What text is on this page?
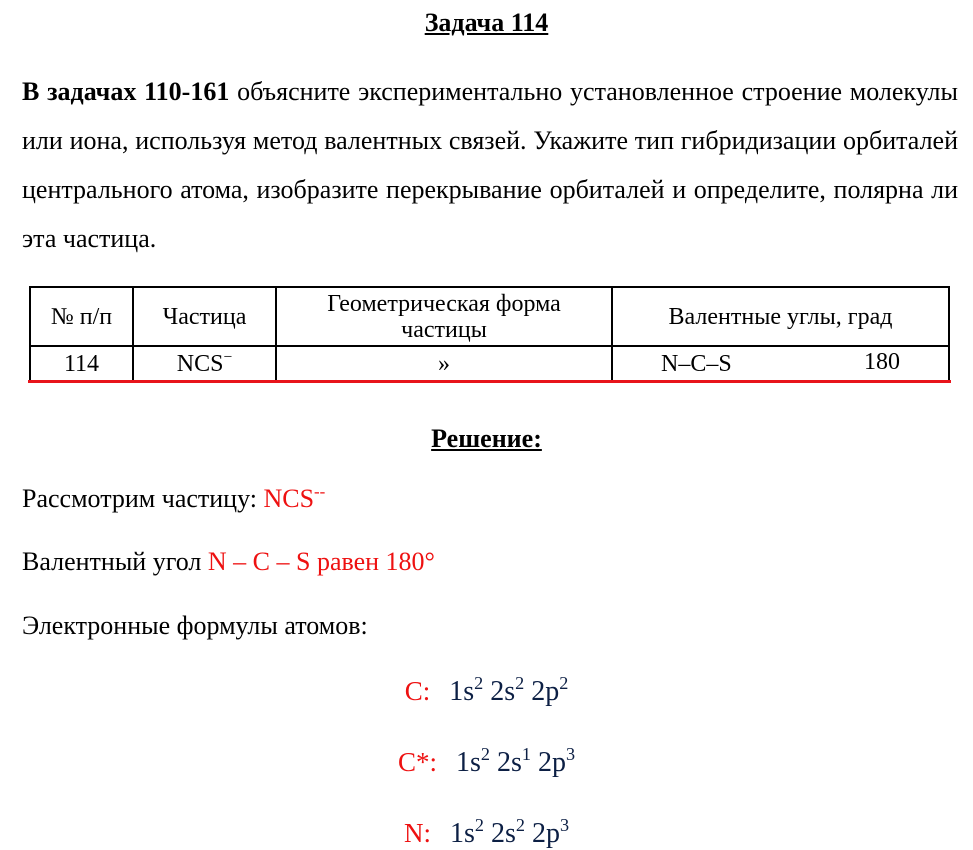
Задача 114
В задачах 110-161 объясните экспериментально установленное строение молекулы или иона, используя метод валентных связей. Укажите тип гибридизации орбиталей центрального атома, изобразите перекрывание орбиталей и определите, полярна ли эта частица.
№ п/п	Частица	Геометрическая форма частицы	Валентные углы, град
114	NCS−	»	N–C–S 180
Решение:
Рассмотрим частицу: NCS--
Валентный угол N – C – S равен 180°
Электронные формулы атомов:
C: $1s^2$ $2s^2$ $2p^2$
C*: $1s^2$ $2s^1$ $2p^3$
N: $1s^2$ $2s^2$ $2p^3$
